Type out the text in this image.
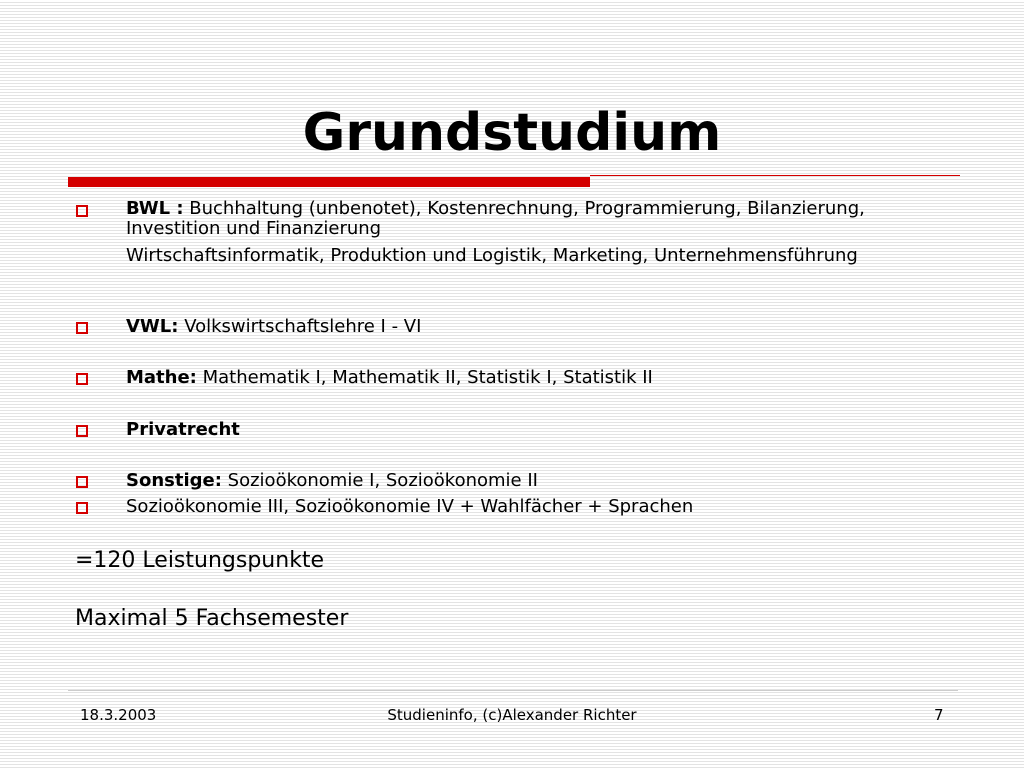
Grundstudium
BWL : Buchhaltung (unbenotet), Kostenrechnung, Programmierung, Bilanzierung, Investition und Finanzierung
Wirtschaftsinformatik, Produktion und Logistik, Marketing, Unternehmensführung
VWL: Volkswirtschaftslehre I - VI
Mathe: Mathematik I, Mathematik II, Statistik I, Statistik II
Privatrecht
Sonstige: Sozioökonomie I, Sozioökonomie II
Sozioökonomie III, Sozioökonomie IV + Wahlfächer + Sprachen
=120 Leistungspunkte
Maximal 5 Fachsemester
18.3.2003	Studieninfo, (c)Alexander Richter	7
